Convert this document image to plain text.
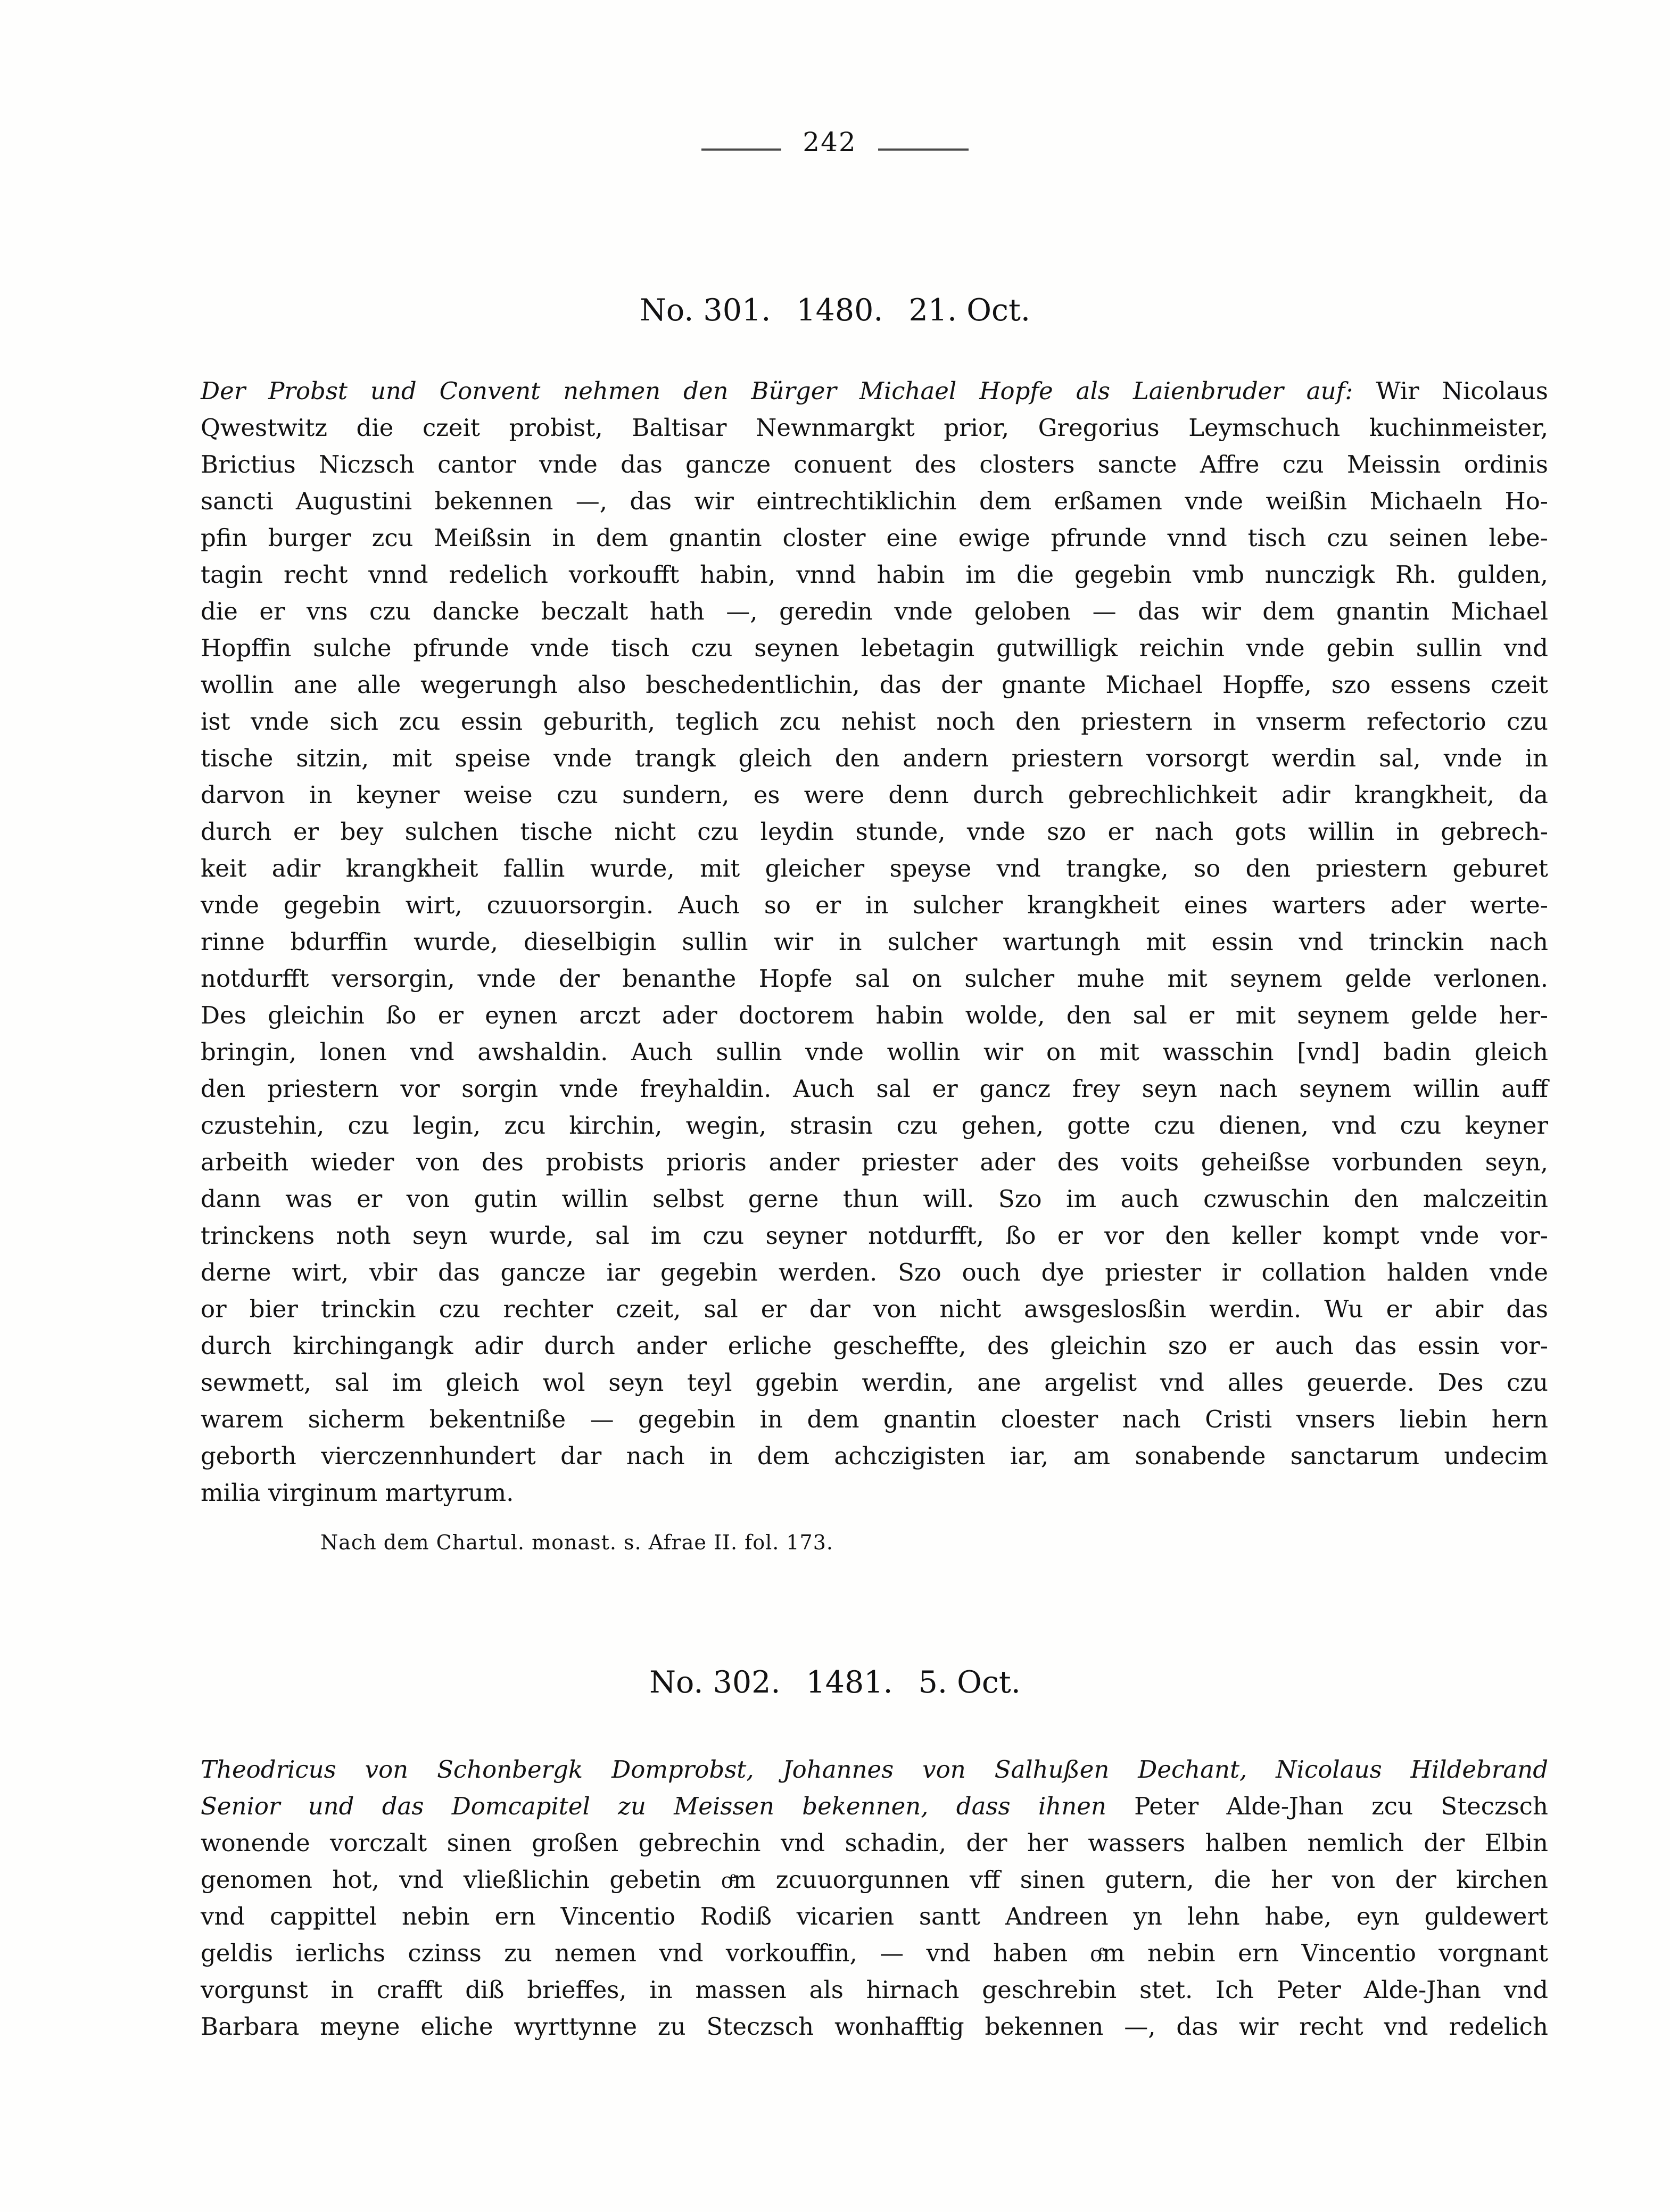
242
No. 301. 1480. 21. Oct.
Der Probst und Convent nehmen den Bürger Michael Hopfe als Laienbruder auf: Wir Nicolaus
Qwestwitz die czeit probist, Baltisar Newnmargkt prior, Gregorius Leymschuch kuchinmeister,
Brictius Niczsch cantor vnde das gancze conuent des closters sancte Affre czu Meissin ordinis
sancti Augustini bekennen —, das wir eintrechtiklichin dem erßamen vnde weißin Michaeln Ho-
pfin burger zcu Meißsin in dem gnantin closter eine ewige pfrunde vnnd tisch czu seinen lebe-
tagin recht vnnd redelich vorkoufft habin, vnnd habin im die gegebin vmb nunczigk Rh. gulden,
die er vns czu dancke beczalt hath —, geredin vnde geloben — das wir dem gnantin Michael
Hopffin sulche pfrunde vnde tisch czu seynen lebetagin gutwilligk reichin vnde gebin sullin vnd
wollin ane alle wegerungh also beschedentlichin, das der gnante Michael Hopffe, szo essens czeit
ist vnde sich zcu essin geburith, teglich zcu nehist noch den priestern in vnserm refectorio czu
tische sitzin, mit speise vnde trangk gleich den andern priestern vorsorgt werdin sal, vnde in
darvon in keyner weise czu sundern, es were denn durch gebrechlichkeit adir krangkheit, da
durch er bey sulchen tische nicht czu leydin stunde, vnde szo er nach gots willin in gebrech-
keit adir krangkheit fallin wurde, mit gleicher speyse vnd trangke, so den priestern geburet
vnde gegebin wirt, czuuorsorgin. Auch so er in sulcher krangkheit eines warters ader werte-
rinne bdurffin wurde, dieselbigin sullin wir in sulcher wartungh mit essin vnd trinckin nach
notdurfft versorgin, vnde der benanthe Hopfe sal on sulcher muhe mit seynem gelde verlonen.
Des gleichin ßo er eynen arczt ader doctorem habin wolde, den sal er mit seynem gelde her-
bringin, lonen vnd awshaldin. Auch sullin vnde wollin wir on mit wasschin [vnd] badin gleich
den priestern vor sorgin vnde freyhaldin. Auch sal er gancz frey seyn nach seynem willin auff
czustehin, czu legin, zcu kirchin, wegin, strasin czu gehen, gotte czu dienen, vnd czu keyner
arbeith wieder von des probists prioris ander priester ader des voits geheißse vorbunden seyn,
dann was er von gutin willin selbst gerne thun will. Szo im auch czwuschin den malczeitin
trinckens noth seyn wurde, sal im czu seyner notdurfft, ßo er vor den keller kompt vnde vor-
derne wirt, vbir das gancze iar gegebin werden. Szo ouch dye priester ir collation halden vnde
or bier trinckin czu rechter czeit, sal er dar von nicht awsgeslosßin werdin. Wu er abir das
durch kirchingangk adir durch ander erliche gescheffte, des gleichin szo er auch das essin vor-
sewmett, sal im gleich wol seyn teyl ggebin werdin, ane argelist vnd alles geuerde. Des czu
warem sicherm bekentniße — gegebin in dem gnantin cloester nach Cristi vnsers liebin hern
geborth vierczennhundert dar nach in dem achczigisten iar, am sonabende sanctarum undecim
milia virginum martyrum.
Nach dem Chartul. monast. s. Afrae II. fol. 173.
No. 302. 1481. 5. Oct.
Theodricus von Schonbergk Domprobst, Johannes von Salhußen Dechant, Nicolaus Hildebrand
Senior und das Domcapitel zu Meissen bekennen, dass ihnen Peter Alde-Jhan zcu Steczsch
wonende vorczalt sinen großen gebrechin vnd schadin, der her wassers halben nemlich der Elbin
genomen hot, vnd vließlichin gebetin oͤm zcuuorgunnen vff sinen gutern, die her von der kirchen
vnd cappittel nebin ern Vincentio Rodiß vicarien santt Andreen yn lehn habe, eyn guldewert
geldis ierlichs czinss zu nemen vnd vorkouffin, — vnd haben oͤm nebin ern Vincentio vorgnant
vorgunst in crafft diß brieffes, in massen als hirnach geschrebin stet. Ich Peter Alde-Jhan vnd
Barbara meyne eliche wyrttynne zu Steczsch wonhafftig bekennen —, das wir recht vnd redelich
